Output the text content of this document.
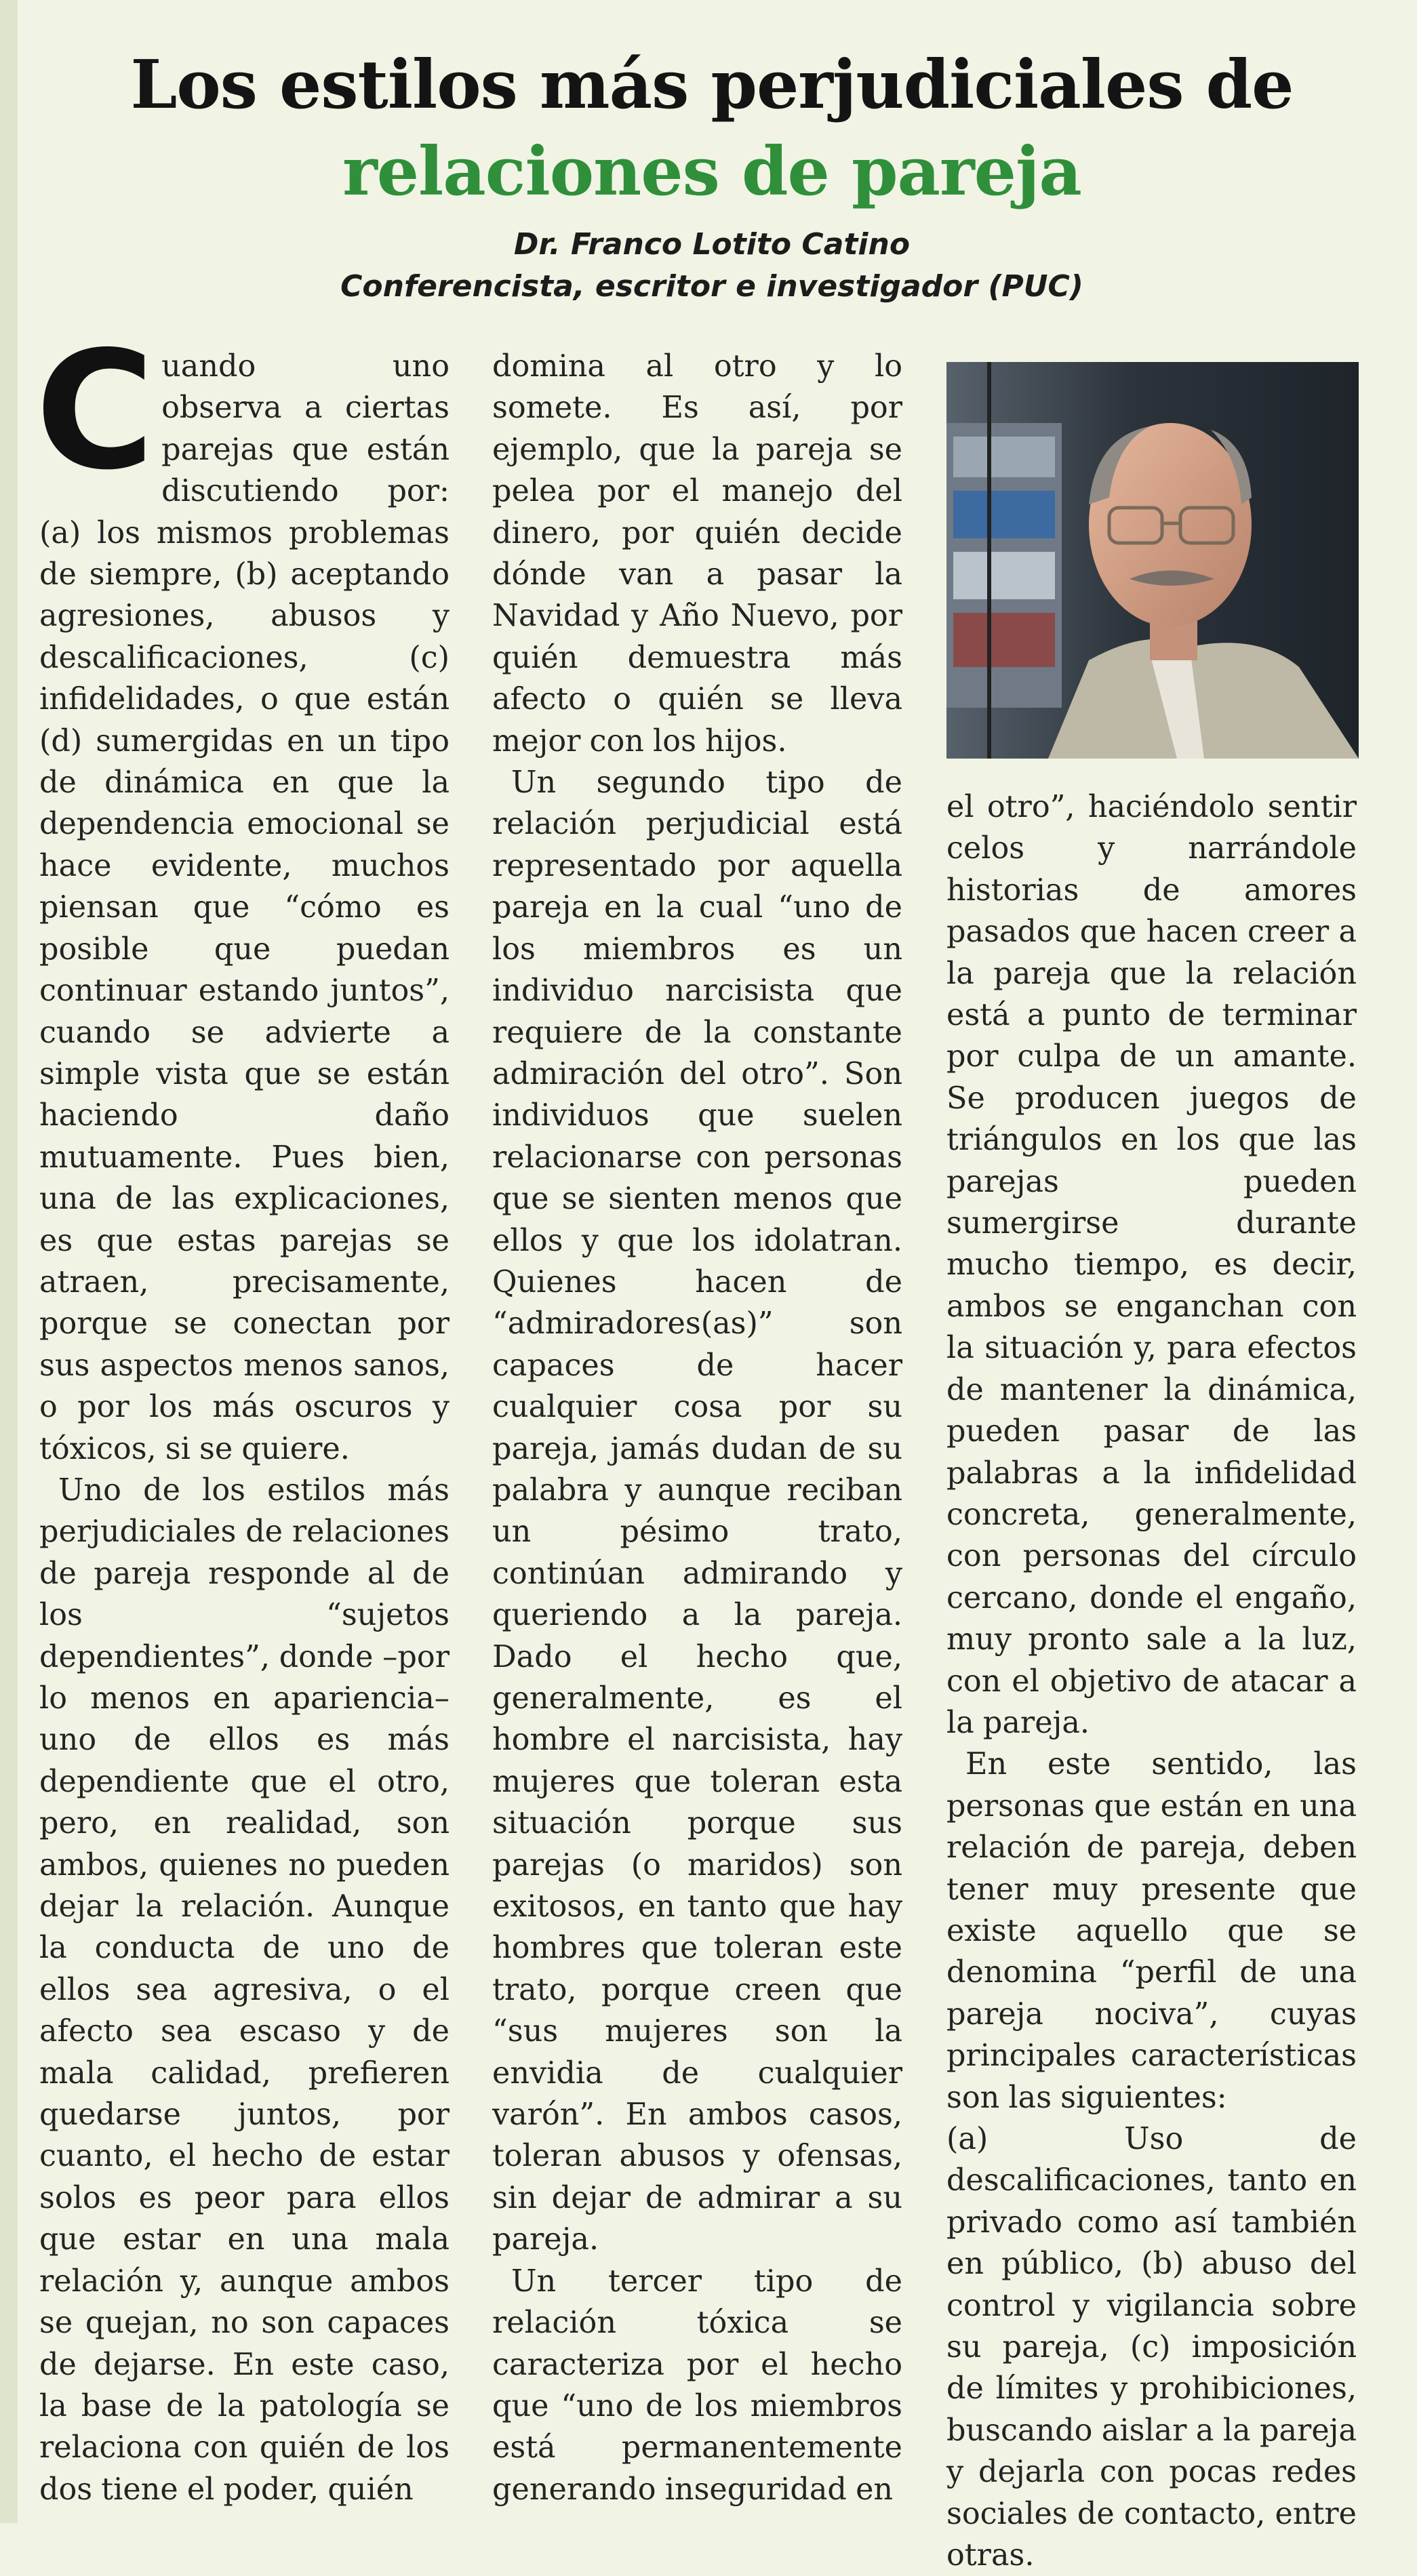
Los estilos más perjudiciales de
relaciones de pareja
Dr. Franco Lotito Catino
Conferencista, escritor e investigador (PUC)

Cuando uno observa a ciertas parejas que están discutiendo por: (a) los mismos problemas de siempre, (b) aceptando agresiones, abusos y descalificaciones, (c) infidelidades, o que están (d) sumergidas en un tipo de dinámica en que la dependencia emocional se hace evidente, muchos piensan que “cómo es posible que puedan continuar estando juntos”, cuando se advierte a simple vista que se están haciendo daño mutuamente. Pues bien, una de las explicaciones, es que estas parejas se atraen, precisamente, porque se conectan por sus aspectos menos sanos, o por los más oscuros y tóxicos, si se quiere.

Uno de los estilos más perjudiciales de relaciones de pareja responde al de los “sujetos dependientes”, donde –por lo menos en apariencia– uno de ellos es más dependiente que el otro, pero, en realidad, son ambos, quienes no pueden dejar la relación. Aunque la conducta de uno de ellos sea agresiva, o el afecto sea escaso y de mala calidad, prefieren quedarse juntos, por cuanto, el hecho de estar solos es peor para ellos que estar en una mala relación y, aunque ambos se quejan, no son capaces de dejarse. En este caso, la base de la patología se relaciona con quién de los dos tiene el poder, quién

domina al otro y lo somete. Es así, por ejemplo, que la pareja se pelea por el manejo del dinero, por quién decide dónde van a pasar la Navidad y Año Nuevo, por quién demuestra más afecto o quién se lleva mejor con los hijos.

Un segundo tipo de relación perjudicial está representado por aquella pareja en la cual “uno de los miembros es un individuo narcisista que requiere de la constante admiración del otro”. Son individuos que suelen relacionarse con personas que se sienten menos que ellos y que los idolatran. Quienes hacen de “admiradores(as)” son capaces de hacer cualquier cosa por su pareja, jamás dudan de su palabra y aunque reciban un pésimo trato, continúan admirando y queriendo a la pareja. Dado el hecho que, generalmente, es el hombre el narcisista, hay mujeres que toleran esta situación porque sus parejas (o maridos) son exitosos, en tanto que hay hombres que toleran este trato, porque creen que “sus mujeres son la envidia de cualquier varón”. En ambos casos, toleran abusos y ofensas, sin dejar de admirar a su pareja.

Un tercer tipo de relación tóxica se caracteriza por el hecho que “uno de los miembros está permanentemente generando inseguridad en

el otro”, haciéndolo sentir celos y narrándole historias de amores pasados que hacen creer a la pareja que la relación está a punto de terminar por culpa de un amante. Se producen juegos de triángulos en los que las parejas pueden sumergirse durante mucho tiempo, es decir, ambos se enganchan con la situación y, para efectos de mantener la dinámica, pueden pasar de las palabras a la infidelidad concreta, generalmente, con personas del círculo cercano, donde el engaño, muy pronto sale a la luz, con el objetivo de atacar a la pareja.

En este sentido, las personas que están en una relación de pareja, deben tener muy presente que existe aquello que se denomina “perfil de una pareja nociva”, cuyas principales características son las siguientes:

(a) Uso de descalificaciones, tanto en privado como así también en público, (b) abuso del control y vigilancia sobre su pareja, (c) imposición de límites y prohibiciones, buscando aislar a la pareja y dejarla con pocas redes sociales de contacto, entre otras.
